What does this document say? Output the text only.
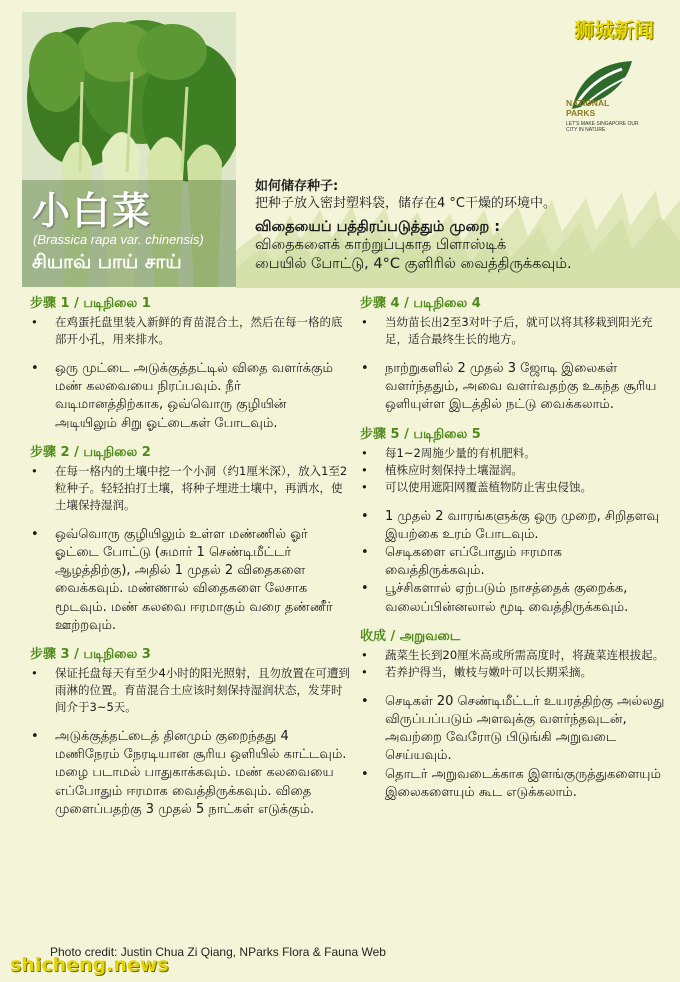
小白菜
(Brassica rapa var. chinensis)
சியாவ் பாய் சாய்
狮城新闻
NATIONAL
PARKS
LET'S MAKE SINGAPORE OUR CITY IN NATURE

如何储存种子:

把种子放入密封塑料袋，储存在4 °C干燥的环境中。

விதையைப் பத்திரப்படுத்தும் முறை :

விதைகளைக் காற்றுப்புகாத பிளாஸ்டிக்

பையில் போட்டு, 4°C குளிரில் வைத்திருக்கவும்.

步骤 1 / படிநிலை 1
• 在鸡蛋托盘里装入新鲜的育苗混合土，然后在每一格的底部开小孔，用来排水。
• ஒரு முட்டை அடுக்குத்தட்டில் விதை வளர்க்கும் மண் கலவையை நிரப்பவும். நீர் வடிமானத்திற்காக, ஒவ்வொரு குழியின் அடியிலும் சிறு ஓட்டைகள் போடவும்.
步骤 2 / படிநிலை 2
• 在每一格内的土壤中挖一个小洞（约1厘米深），放入1至2粒种子。轻轻拍打土壤，将种子埋进土壤中，再洒水，使土壤保持湿润。
• ஒவ்வொரு குழியிலும் உள்ள மண்ணில் ஓர் ஓட்டை போட்டு (சுமார் 1 செண்டிமீட்டர் ஆழத்திற்கு), அதில் 1 முதல் 2 விதைகளை வைக்கவும். மண்ணால் விதைகளை லேசாக மூடவும். மண் கலவை ஈரமாகும் வரை தண்ணீர் ஊற்றவும்.
步骤 3 / படிநிலை 3
• 保证托盘每天有至少4小时的阳光照射，且勿放置在可遭到雨淋的位置。育苗混合土应该时刻保持湿润状态，发芽时间介于3~5天。
• அடுக்குத்தட்டைத் தினமும் குறைந்தது 4 மணிநேரம் நேரடியான சூரிய ஒளியில் காட்டவும். மழை படாமல் பாதுகாக்கவும். மண் கலவையை எப்போதும் ஈரமாக வைத்திருக்கவும். விதை முளைப்பதற்கு 3 முதல் 5 நாட்கள் எடுக்கும்.
步骤 4 / படிநிலை 4
• 当幼苗长出2至3对叶子后，就可以将其移栽到阳光充足，适合最终生长的地方。
• நாற்றுகளில் 2 முதல் 3 ஜோடி இலைகள் வளர்ந்ததும், அவை வளர்வதற்கு உகந்த சூரிய ஒளியுள்ள இடத்தில் நட்டு வைக்கலாம்.
步骤 5 / படிநிலை 5
• 每1~2周施少量的有机肥料。
• 植株应时刻保持土壤湿润。
• 可以使用遮阳网覆盖植物防止害虫侵蚀。
• 1 முதல் 2 வாரங்களுக்கு ஒரு முறை, சிறிதளவு இயற்கை உரம் போடவும்.
• செடிகளை எப்போதும் ஈரமாக வைத்திருக்கவும்.
• பூச்சிகளால் ஏற்படும் நாசத்தைக் குறைக்க, வலைப்பின்னலால் மூடி வைத்திருக்கவும்.
收成 / அறுவடை
• 蔬菜生长到20厘米高或所需高度时，将蔬菜连根拔起。
• 若养护得当，嫩枝与嫩叶可以长期采摘。
• செடிகள் 20 செண்டிமீட்டர் உயரத்திற்கு அல்லது விருப்பப்படும் அளவுக்கு வளர்ந்தவுடன், அவற்றை வேரோடு பிடுங்கி அறுவடை செய்யவும்.
• தொடர் அறுவடைக்காக இளங்குருத்துகளையும் இலைகளையும் கூட எடுக்கலாம்.
Photo credit: Justin Chua Zi Qiang, NParks Flora & Fauna Web
shicheng.news
